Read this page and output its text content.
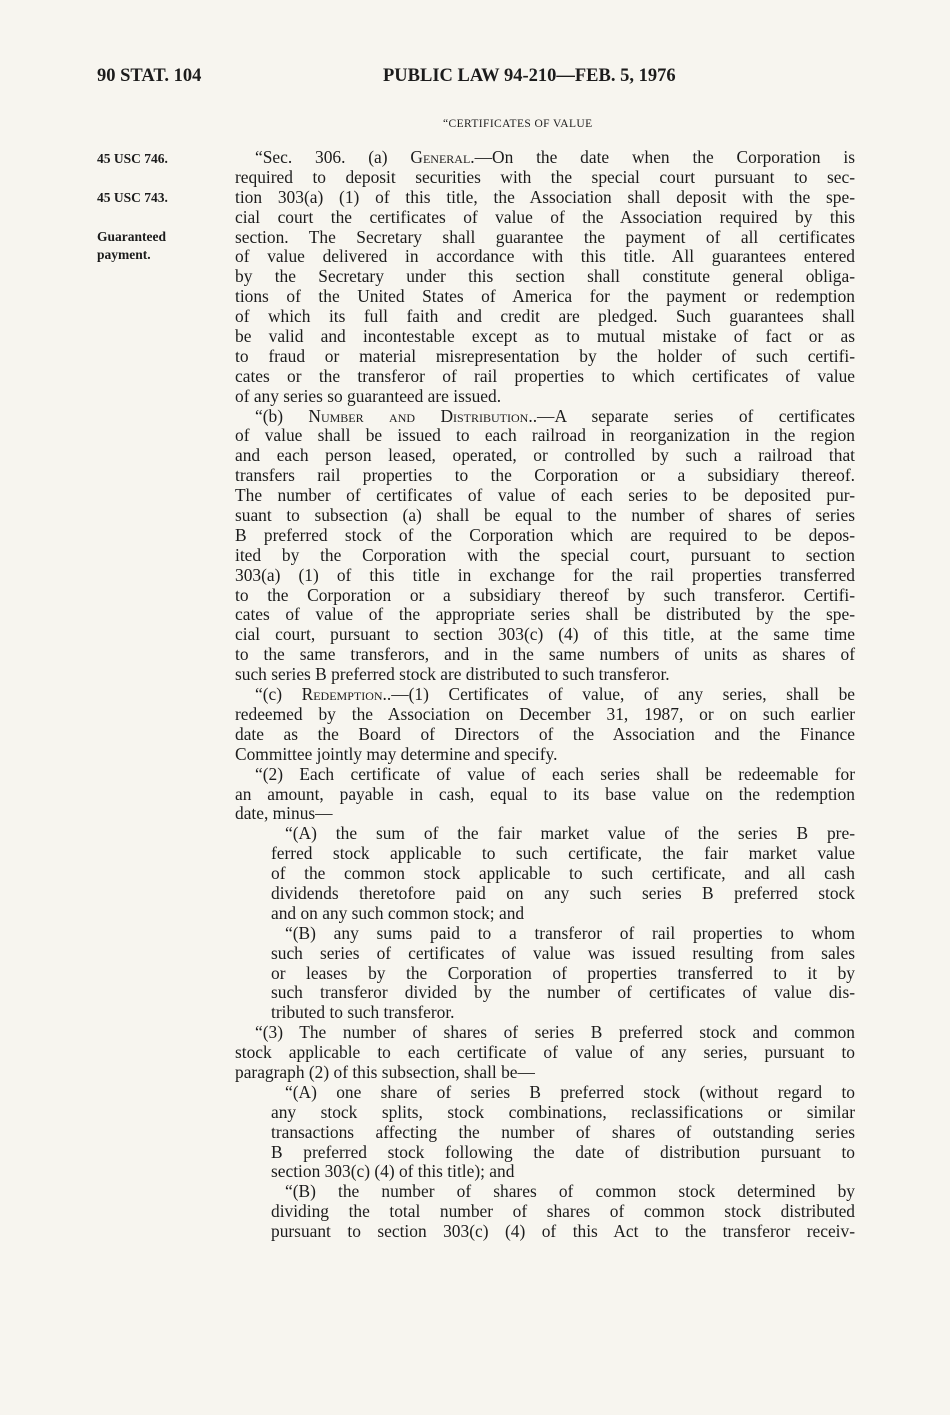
90 STAT. 104	PUBLIC LAW 94-210—FEB. 5, 1976
“CERTIFICATES OF VALUE
45 USC 746.
45 USC 743.
Guaranteed
payment.
“Sec. 306. (a) General.—On the date when the Corporation is
required to deposit securities with the special court pursuant to sec-
tion 303(a) (1) of this title, the Association shall deposit with the spe-
cial court the certificates of value of the Association required by this
section. The Secretary shall guarantee the payment of all certificates
of value delivered in accordance with this title. All guarantees entered
by the Secretary under this section shall constitute general obliga-
tions of the United States of America for the payment or redemption
of which its full faith and credit are pledged. Such guarantees shall
be valid and incontestable except as to mutual mistake of fact or as
to fraud or material misrepresentation by the holder of such certifi-
cates or the transferor of rail properties to which certificates of value
of any series so guaranteed are issued.
“(b) Number and Distribution..—A separate series of certificates
of value shall be issued to each railroad in reorganization in the region
and each person leased, operated, or controlled by such a railroad that
transfers rail properties to the Corporation or a subsidiary thereof.
The number of certificates of value of each series to be deposited pur-
suant to subsection (a) shall be equal to the number of shares of series
B preferred stock of the Corporation which are required to be depos-
ited by the Corporation with the special court, pursuant to section
303(a) (1) of this title in exchange for the rail properties transferred
to the Corporation or a subsidiary thereof by such transferor. Certifi-
cates of value of the appropriate series shall be distributed by the spe-
cial court, pursuant to section 303(c) (4) of this title, at the same time
to the same transferors, and in the same numbers of units as shares of
such series B preferred stock are distributed to such transferor.
“(c) Redemption..—(1) Certificates of value, of any series, shall be
redeemed by the Association on December 31, 1987, or on such earlier
date as the Board of Directors of the Association and the Finance
Committee jointly may determine and specify.
“(2) Each certificate of value of each series shall be redeemable for
an amount, payable in cash, equal to its base value on the redemption
date, minus—
“(A) the sum of the fair market value of the series B pre-
ferred stock applicable to such certificate, the fair market value
of the common stock applicable to such certificate, and all cash
dividends theretofore paid on any such series B preferred stock
and on any such common stock; and
“(B) any sums paid to a transferor of rail properties to whom
such series of certificates of value was issued resulting from sales
or leases by the Corporation of properties transferred to it by
such transferor divided by the number of certificates of value dis-
tributed to such transferor.
“(3) The number of shares of series B preferred stock and common
stock applicable to each certificate of value of any series, pursuant to
paragraph (2) of this subsection, shall be—
“(A) one share of series B preferred stock (without regard to
any stock splits, stock combinations, reclassifications or similar
transactions affecting the number of shares of outstanding series
B preferred stock following the date of distribution pursuant to
section 303(c) (4) of this title); and
“(B) the number of shares of common stock determined by
dividing the total number of shares of common stock distributed
pursuant to section 303(c) (4) of this Act to the transferor receiv-
